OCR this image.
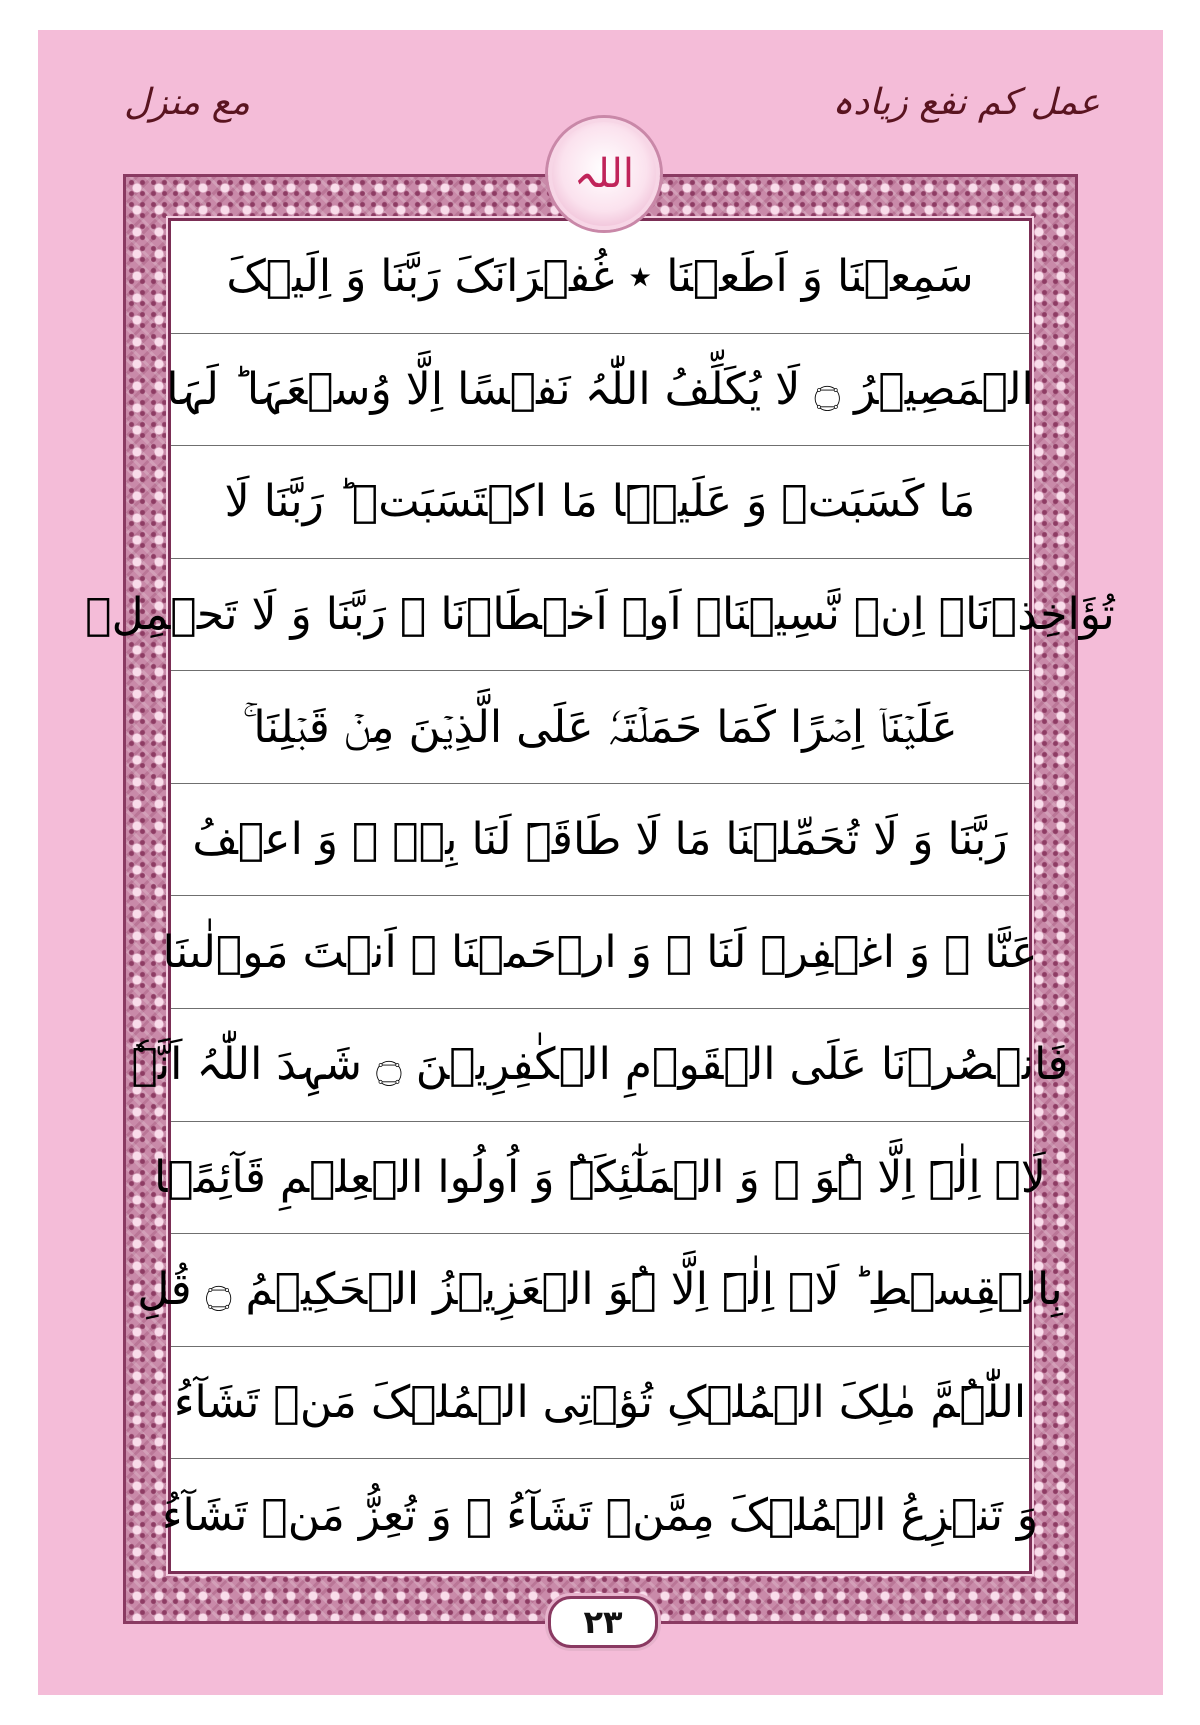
عمل کم نفع زیادہ
مع منزل
اللہ
سَمِعۡنَا وَ اَطَعۡنَا ٭ غُفۡرَانَکَ رَبَّنَا وَ اِلَیۡکَ
الۡمَصِیۡرُ ۝ لَا یُکَلِّفُ اللّٰہُ نَفۡسًا اِلَّا وُسۡعَہَا ؕ لَہَا
مَا کَسَبَتۡ وَ عَلَیۡہَا مَا اکۡتَسَبَتۡ ؕ رَبَّنَا لَا
تُؤَاخِذۡنَاۤ اِنۡ نَّسِیۡنَاۤ اَوۡ اَخۡطَاۡنَا ۚ رَبَّنَا وَ لَا تَحۡمِلۡ
عَلَیۡنَاۤ اِصۡرًا کَمَا حَمَلۡتَہٗ عَلَی الَّذِیۡنَ مِنۡ قَبۡلِنَا ۚ
رَبَّنَا وَ لَا تُحَمِّلۡنَا مَا لَا طَاقَۃَ لَنَا بِہٖ ۚ وَ اعۡفُ
عَنَّا ٝ وَ اغۡفِرۡ لَنَا ٝ وَ ارۡحَمۡنَا ٝ اَنۡتَ مَوۡلٰىنَا
فَانۡصُرۡنَا عَلَی الۡقَوۡمِ الۡکٰفِرِیۡنَ ۝ شَہِدَ اللّٰہُ اَنَّہٗ
لَاۤ اِلٰہَ اِلَّا ہُوَ ۙ وَ الۡمَلٰٓئِکَۃُ وَ اُولُوا الۡعِلۡمِ قَآئِمًۢا
بِالۡقِسۡطِ ؕ لَاۤ اِلٰہَ اِلَّا ہُوَ الۡعَزِیۡزُ الۡحَکِیۡمُ ۝ قُلِ
اللّٰہُمَّ مٰلِکَ الۡمُلۡکِ تُؤۡتِی الۡمُلۡکَ مَنۡ تَشَآءُ
وَ تَنۡزِعُ الۡمُلۡکَ مِمَّنۡ تَشَآءُ ۫ وَ تُعِزُّ مَنۡ تَشَآءُ
۲۳
